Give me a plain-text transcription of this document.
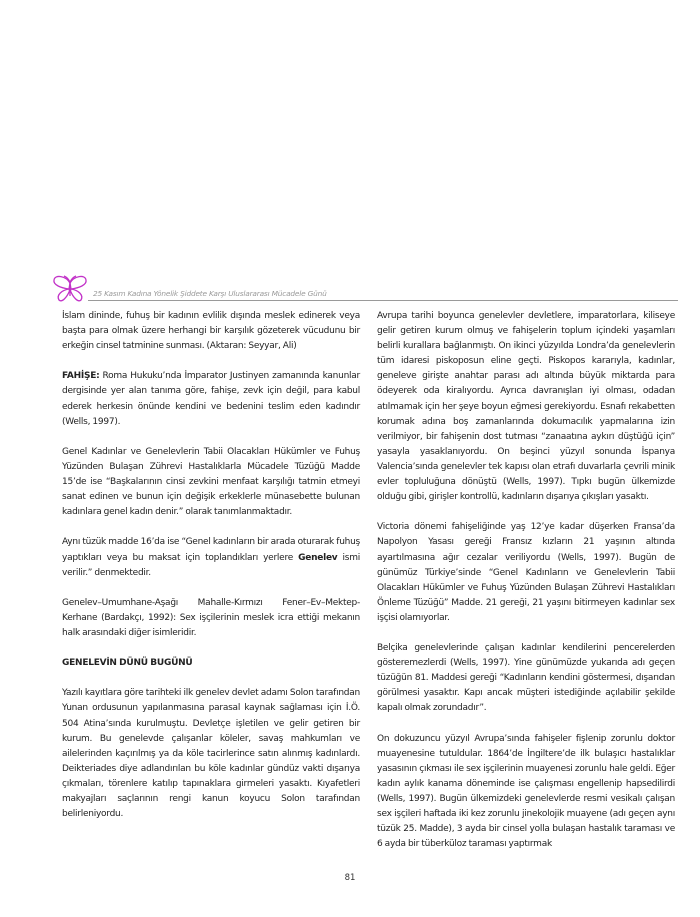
25 Kasım Kadına Yönelik Şiddete Karşı Uluslararası Mücadele Günü

İslam dininde, fuhuş bir kadının evlilik dışında meslek edinerek veya başta para olmak üzere herhangi bir karşılık gözeterek vücudunu bir erkeğin cinsel tatminine sunması. (Aktaran: Seyyar, Ali)

FAHİŞE: Roma Hukuku’nda İmparator Justinyen zamanında kanunlar dergisinde yer alan tanıma göre, fahişe, zevk için değil, para kabul ederek herkesin önünde kendini ve bedenini teslim eden kadındır (Wells, 1997).

Genel Kadınlar ve Genelevlerin Tabii Olacakları Hükümler ve Fuhuş Yüzünden Bulaşan Zührevi Hastalıklarla Mücadele Tüzüğü Madde 15’de ise “Başkalarının cinsi zevkini menfaat karşılığı tatmin etmeyi sanat edinen ve bunun için değişik erkeklerle münasebette bulunan kadınlara genel kadın denir.” olarak tanımlanmaktadır.

Aynı tüzük madde 16’da ise “Genel kadınların bir arada oturarak fuhuş yaptıkları veya bu maksat için toplandıkları yerlere Genelev ismi verilir.” denmektedir.

Genelev–Umumhane-Aşağı Mahalle-Kırmızı Fener–Ev–Mektep-Kerhane (Bardakçı, 1992): Sex işçilerinin meslek icra ettiği mekanın halk arasındaki diğer isimleridir.

GENELEVİN DÜNÜ BUGÜNÜ

Yazılı kayıtlara göre tarihteki ilk genelev devlet adamı Solon tarafından Yunan ordusunun yapılanmasına parasal kaynak sağlaması için İ.Ö. 504 Atina’sında kurulmuştu. Devletçe işletilen ve gelir getiren bir kurum. Bu genelevde çalışanlar köleler, savaş mahkumları ve ailelerinden kaçırılmış ya da köle tacirlerince satın alınmış kadınlardı. Deikteriades diye adlandırılan bu köle kadınlar gündüz vakti dışarıya çıkmaları, törenlere katılıp tapınaklara girmeleri yasaktı. Kıyafetleri makyajları saçlarının rengi kanun koyucu Solon tarafından belirleniyordu.

Avrupa tarihi boyunca genelevler devletlere, imparatorlara, kiliseye gelir getiren kurum olmuş ve fahişelerin toplum içindeki yaşamları belirli kurallara bağlanmıştı. On ikinci yüzyılda Londra’da genelevlerin tüm idaresi piskoposun eline geçti. Piskopos kararıyla, kadınlar, geneleve girişte anahtar parası adı altında büyük miktarda para ödeyerek oda kiralıyordu. Ayrıca davranışları iyi olması, odadan atılmamak için her şeye boyun eğmesi gerekiyordu. Esnafı rekabetten korumak adına boş zamanlarında dokumacılık yapmalarına izin verilmiyor, bir fahişenin dost tutması “zanaatına aykırı düştüğü için” yasayla yasaklanıyordu. On beşinci yüzyıl sonunda İspanya Valencia’sında genelevler tek kapısı olan etrafı duvarlarla çevrili minik evler topluluğuna dönüştü (Wells, 1997). Tıpkı bugün ülkemizde olduğu gibi, girişler kontrollü, kadınların dışarıya çıkışları yasaktı.

Victoria dönemi fahişeliğinde yaş 12’ye kadar düşerken Fransa’da Napolyon Yasası gereği Fransız kızların 21 yaşının altında ayartılmasına ağır cezalar veriliyordu (Wells, 1997). Bugün de günümüz Türkiye’sinde “Genel Kadınların ve Genelevlerin Tabii Olacakları Hükümler ve Fuhuş Yüzünden Bulaşan Zührevi Hastalıkları Önleme Tüzüğü” Madde. 21 gereği, 21 yaşını bitirmeyen kadınlar sex işçisi olamıyorlar.

Belçika genelevlerinde çalışan kadınlar kendilerini pencerelerden gösteremezlerdi (Wells, 1997). Yine günümüzde yukarıda adı geçen tüzüğün 81. Maddesi gereği “Kadınların kendini göstermesi, dışarıdan görülmesi yasaktır. Kapı ancak müşteri istediğinde açılabilir şekilde kapalı olmak zorundadır”.

On dokuzuncu yüzyıl Avrupa’sında fahişeler fişlenip zorunlu doktor muayenesine tutuldular. 1864’de İngiltere’de ilk bulaşıcı hastalıklar yasasının çıkması ile sex işçilerinin muayenesi zorunlu hale geldi. Eğer kadın aylık kanama döneminde ise çalışması engellenip hapsedilirdi (Wells, 1997). Bugün ülkemizdeki genelevlerde resmi vesikalı çalışan sex işçileri haftada iki kez zorunlu jinekolojik muayene (adı geçen aynı tüzük 25. Madde), 3 ayda bir cinsel yolla bulaşan hastalık taraması ve 6 ayda bir tüberküloz taraması yaptırmak

81
